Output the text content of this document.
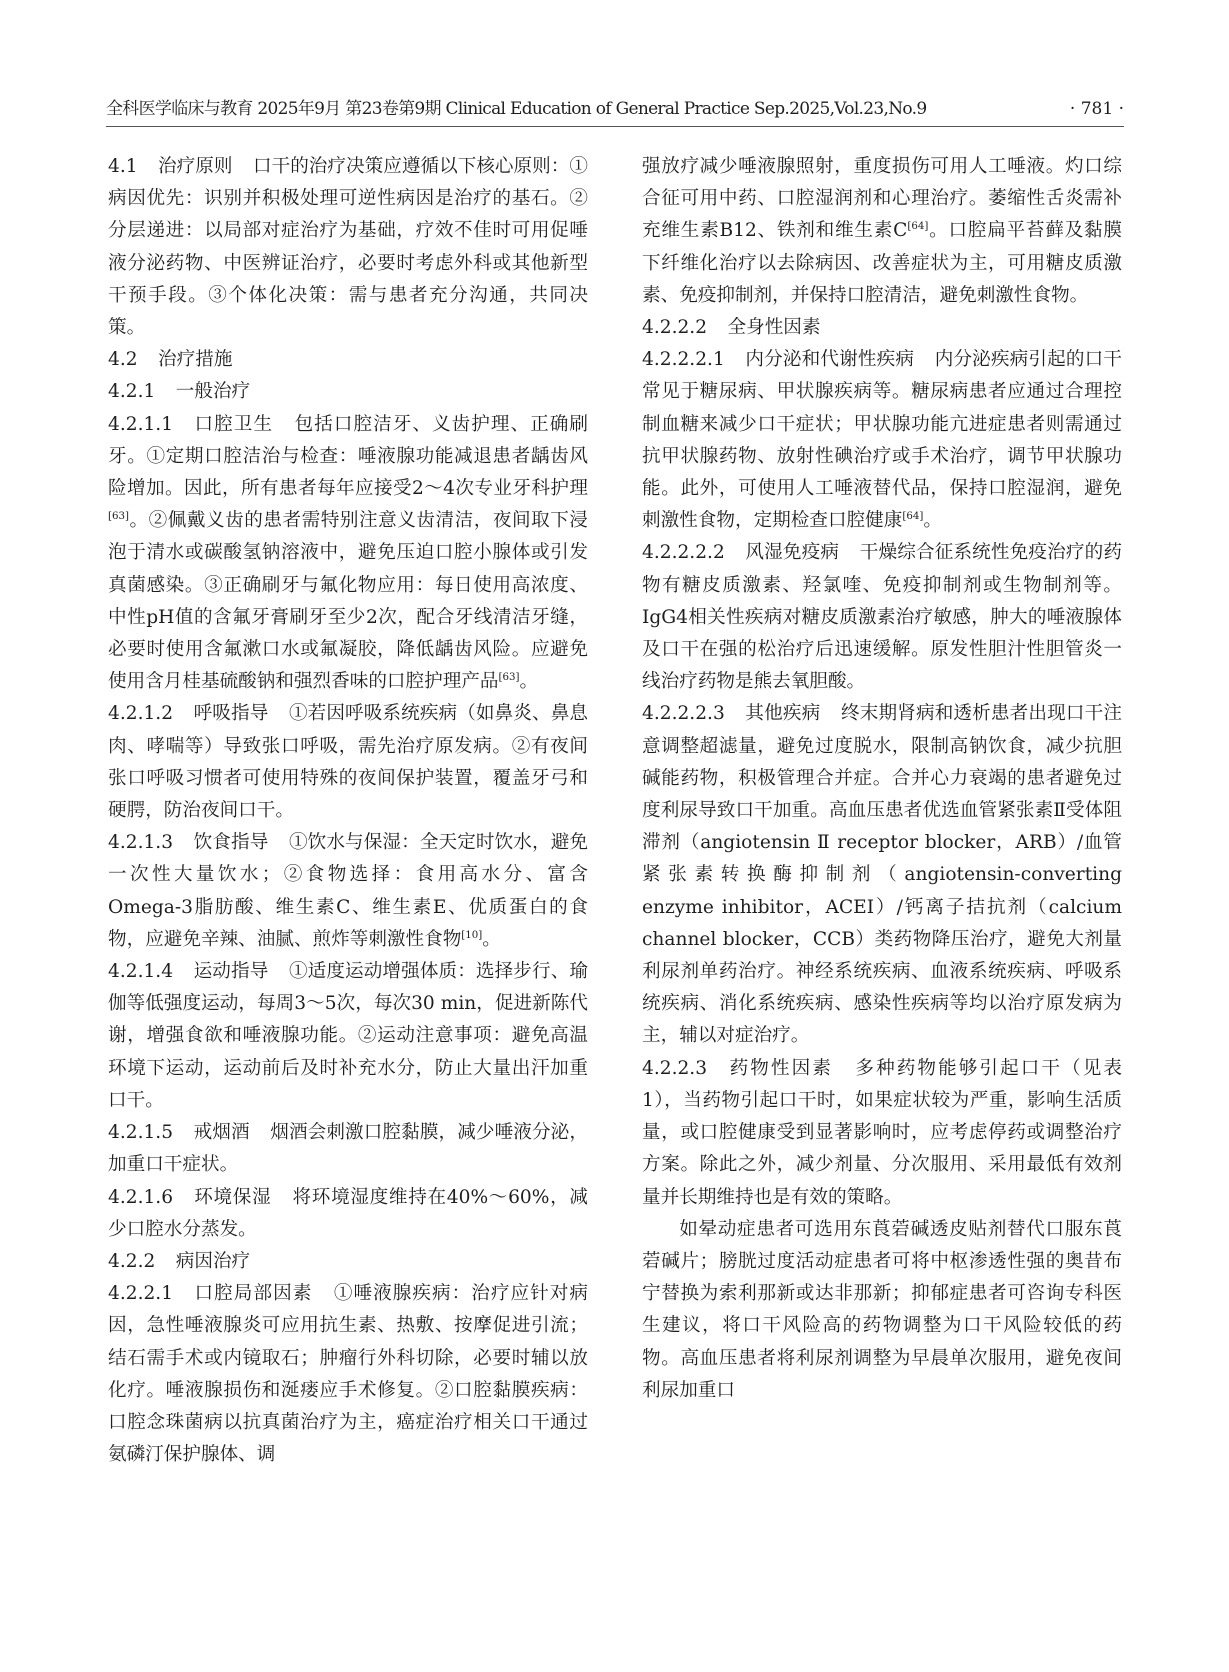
全科医学临床与教育 2025年9月 第23卷第9期 Clinical Education of General Practice Sep.2025,Vol.23,No.9	· 781 ·

4.1 治疗原则 口干的治疗决策应遵循以下核心原则：①病因优先：识别并积极处理可逆性病因是治疗的基石。②分层递进：以局部对症治疗为基础，疗效不佳时可用促唾液分泌药物、中医辨证治疗，必要时考虑外科或其他新型干预手段。③个体化决策：需与患者充分沟通，共同决策。

4.2 治疗措施

4.2.1 一般治疗

4.2.1.1 口腔卫生 包括口腔洁牙、义齿护理、正确刷牙。①定期口腔洁治与检查：唾液腺功能减退患者龋齿风险增加。因此，所有患者每年应接受2～4次专业牙科护理[63]。②佩戴义齿的患者需特别注意义齿清洁，夜间取下浸泡于清水或碳酸氢钠溶液中，避免压迫口腔小腺体或引发真菌感染。③正确刷牙与氟化物应用：每日使用高浓度、中性pH值的含氟牙膏刷牙至少2次，配合牙线清洁牙缝，必要时使用含氟漱口水或氟凝胶，降低龋齿风险。应避免使用含月桂基硫酸钠和强烈香味的口腔护理产品[63]。

4.2.1.2 呼吸指导 ①若因呼吸系统疾病（如鼻炎、鼻息肉、哮喘等）导致张口呼吸，需先治疗原发病。②有夜间张口呼吸习惯者可使用特殊的夜间保护装置，覆盖牙弓和硬腭，防治夜间口干。

4.2.1.3 饮食指导 ①饮水与保湿：全天定时饮水，避免一次性大量饮水；②食物选择：食用高水分、富含Omega-3脂肪酸、维生素C、维生素E、优质蛋白的食物，应避免辛辣、油腻、煎炸等刺激性食物[10]。

4.2.1.4 运动指导 ①适度运动增强体质：选择步行、瑜伽等低强度运动，每周3～5次，每次30 min，促进新陈代谢，增强食欲和唾液腺功能。②运动注意事项：避免高温环境下运动，运动前后及时补充水分，防止大量出汗加重口干。

4.2.1.5 戒烟酒 烟酒会刺激口腔黏膜，减少唾液分泌，加重口干症状。

4.2.1.6 环境保湿 将环境湿度维持在40%～60%，减少口腔水分蒸发。

4.2.2 病因治疗

4.2.2.1 口腔局部因素 ①唾液腺疾病：治疗应针对病因，急性唾液腺炎可应用抗生素、热敷、按摩促进引流；结石需手术或内镜取石；肿瘤行外科切除，必要时辅以放化疗。唾液腺损伤和涎瘘应手术修复。②口腔黏膜疾病：口腔念珠菌病以抗真菌治疗为主，癌症治疗相关口干通过氨磷汀保护腺体、调

强放疗减少唾液腺照射，重度损伤可用人工唾液。灼口综合征可用中药、口腔湿润剂和心理治疗。萎缩性舌炎需补充维生素B12、铁剂和维生素C[64]。口腔扁平苔藓及黏膜下纤维化治疗以去除病因、改善症状为主，可用糖皮质激素、免疫抑制剂，并保持口腔清洁，避免刺激性食物。

4.2.2.2 全身性因素

4.2.2.2.1 内分泌和代谢性疾病 内分泌疾病引起的口干常见于糖尿病、甲状腺疾病等。糖尿病患者应通过合理控制血糖来减少口干症状；甲状腺功能亢进症患者则需通过抗甲状腺药物、放射性碘治疗或手术治疗，调节甲状腺功能。此外，可使用人工唾液替代品，保持口腔湿润，避免刺激性食物，定期检查口腔健康[64]。

4.2.2.2.2 风湿免疫病 干燥综合征系统性免疫治疗的药物有糖皮质激素、羟氯喹、免疫抑制剂或生物制剂等。IgG4相关性疾病对糖皮质激素治疗敏感，肿大的唾液腺体及口干在强的松治疗后迅速缓解。原发性胆汁性胆管炎一线治疗药物是熊去氧胆酸。

4.2.2.2.3 其他疾病 终末期肾病和透析患者出现口干注意调整超滤量，避免过度脱水，限制高钠饮食，减少抗胆碱能药物，积极管理合并症。合并心力衰竭的患者避免过度利尿导致口干加重。高血压患者优选血管紧张素Ⅱ受体阻滞剂（angiotensin Ⅱ receptor blocker，ARB）/血管紧张素转换酶抑制剂（angiotensin-converting enzyme inhibitor，ACEI）/钙离子拮抗剂（calcium channel blocker，CCB）类药物降压治疗，避免大剂量利尿剂单药治疗。神经系统疾病、血液系统疾病、呼吸系统疾病、消化系统疾病、感染性疾病等均以治疗原发病为主，辅以对症治疗。

4.2.2.3 药物性因素 多种药物能够引起口干（见表1），当药物引起口干时，如果症状较为严重，影响生活质量，或口腔健康受到显著影响时，应考虑停药或调整治疗方案。除此之外，减少剂量、分次服用、采用最低有效剂量并长期维持也是有效的策略。

如晕动症患者可选用东莨菪碱透皮贴剂替代口服东莨菪碱片；膀胱过度活动症患者可将中枢渗透性强的奥昔布宁替换为索利那新或达非那新；抑郁症患者可咨询专科医生建议，将口干风险高的药物调整为口干风险较低的药物。高血压患者将利尿剂调整为早晨单次服用，避免夜间利尿加重口
